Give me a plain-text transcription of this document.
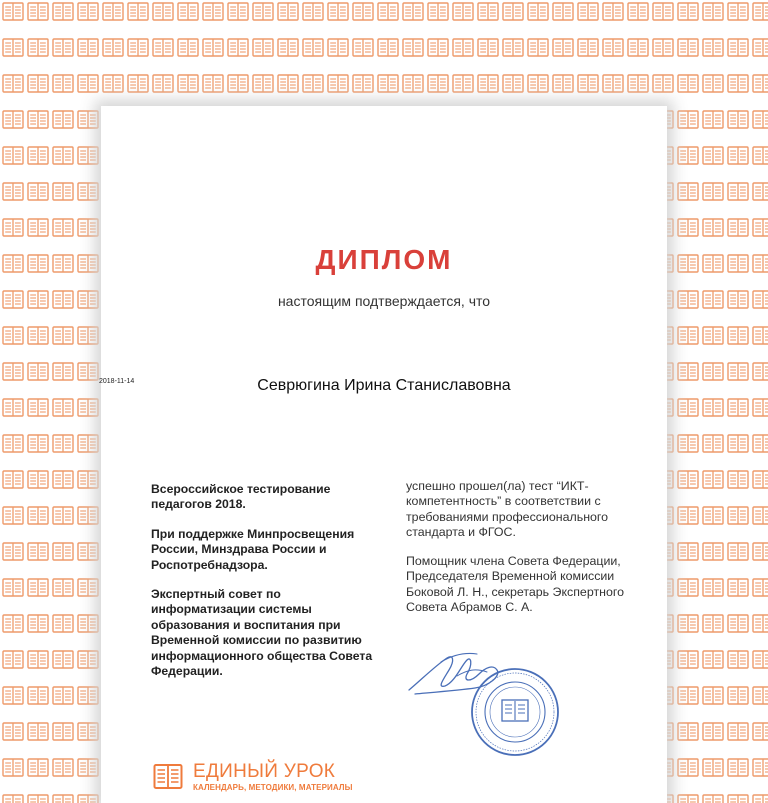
ДИПЛОМ
настоящим подтверждается, что
Севрюгина Ирина Станиславовна

Всероссийское тестирование педагогов 2018.

При поддержке Минпросвещения России, Минздрава России и Роспотребнадзора.

Экспертный совет по информатизации системы образования и воспитания при Временной комиссии по развитию информационного общества Совета Федерации.

успешно прошел(ла) тест “ИКТ-компетентность” в соответствии с требованиями профессионального стандарта и ФГОС.

Помощник члена Совета Федерации, Председателя Временной комиссии Боковой Л. Н., секретарь Экспертного Совета Абрамов С. А.

ЕДИНЫЙ УРОК
КАЛЕНДАРЬ, МЕТОДИКИ, МАТЕРИАЛЫ
2018-11-14
